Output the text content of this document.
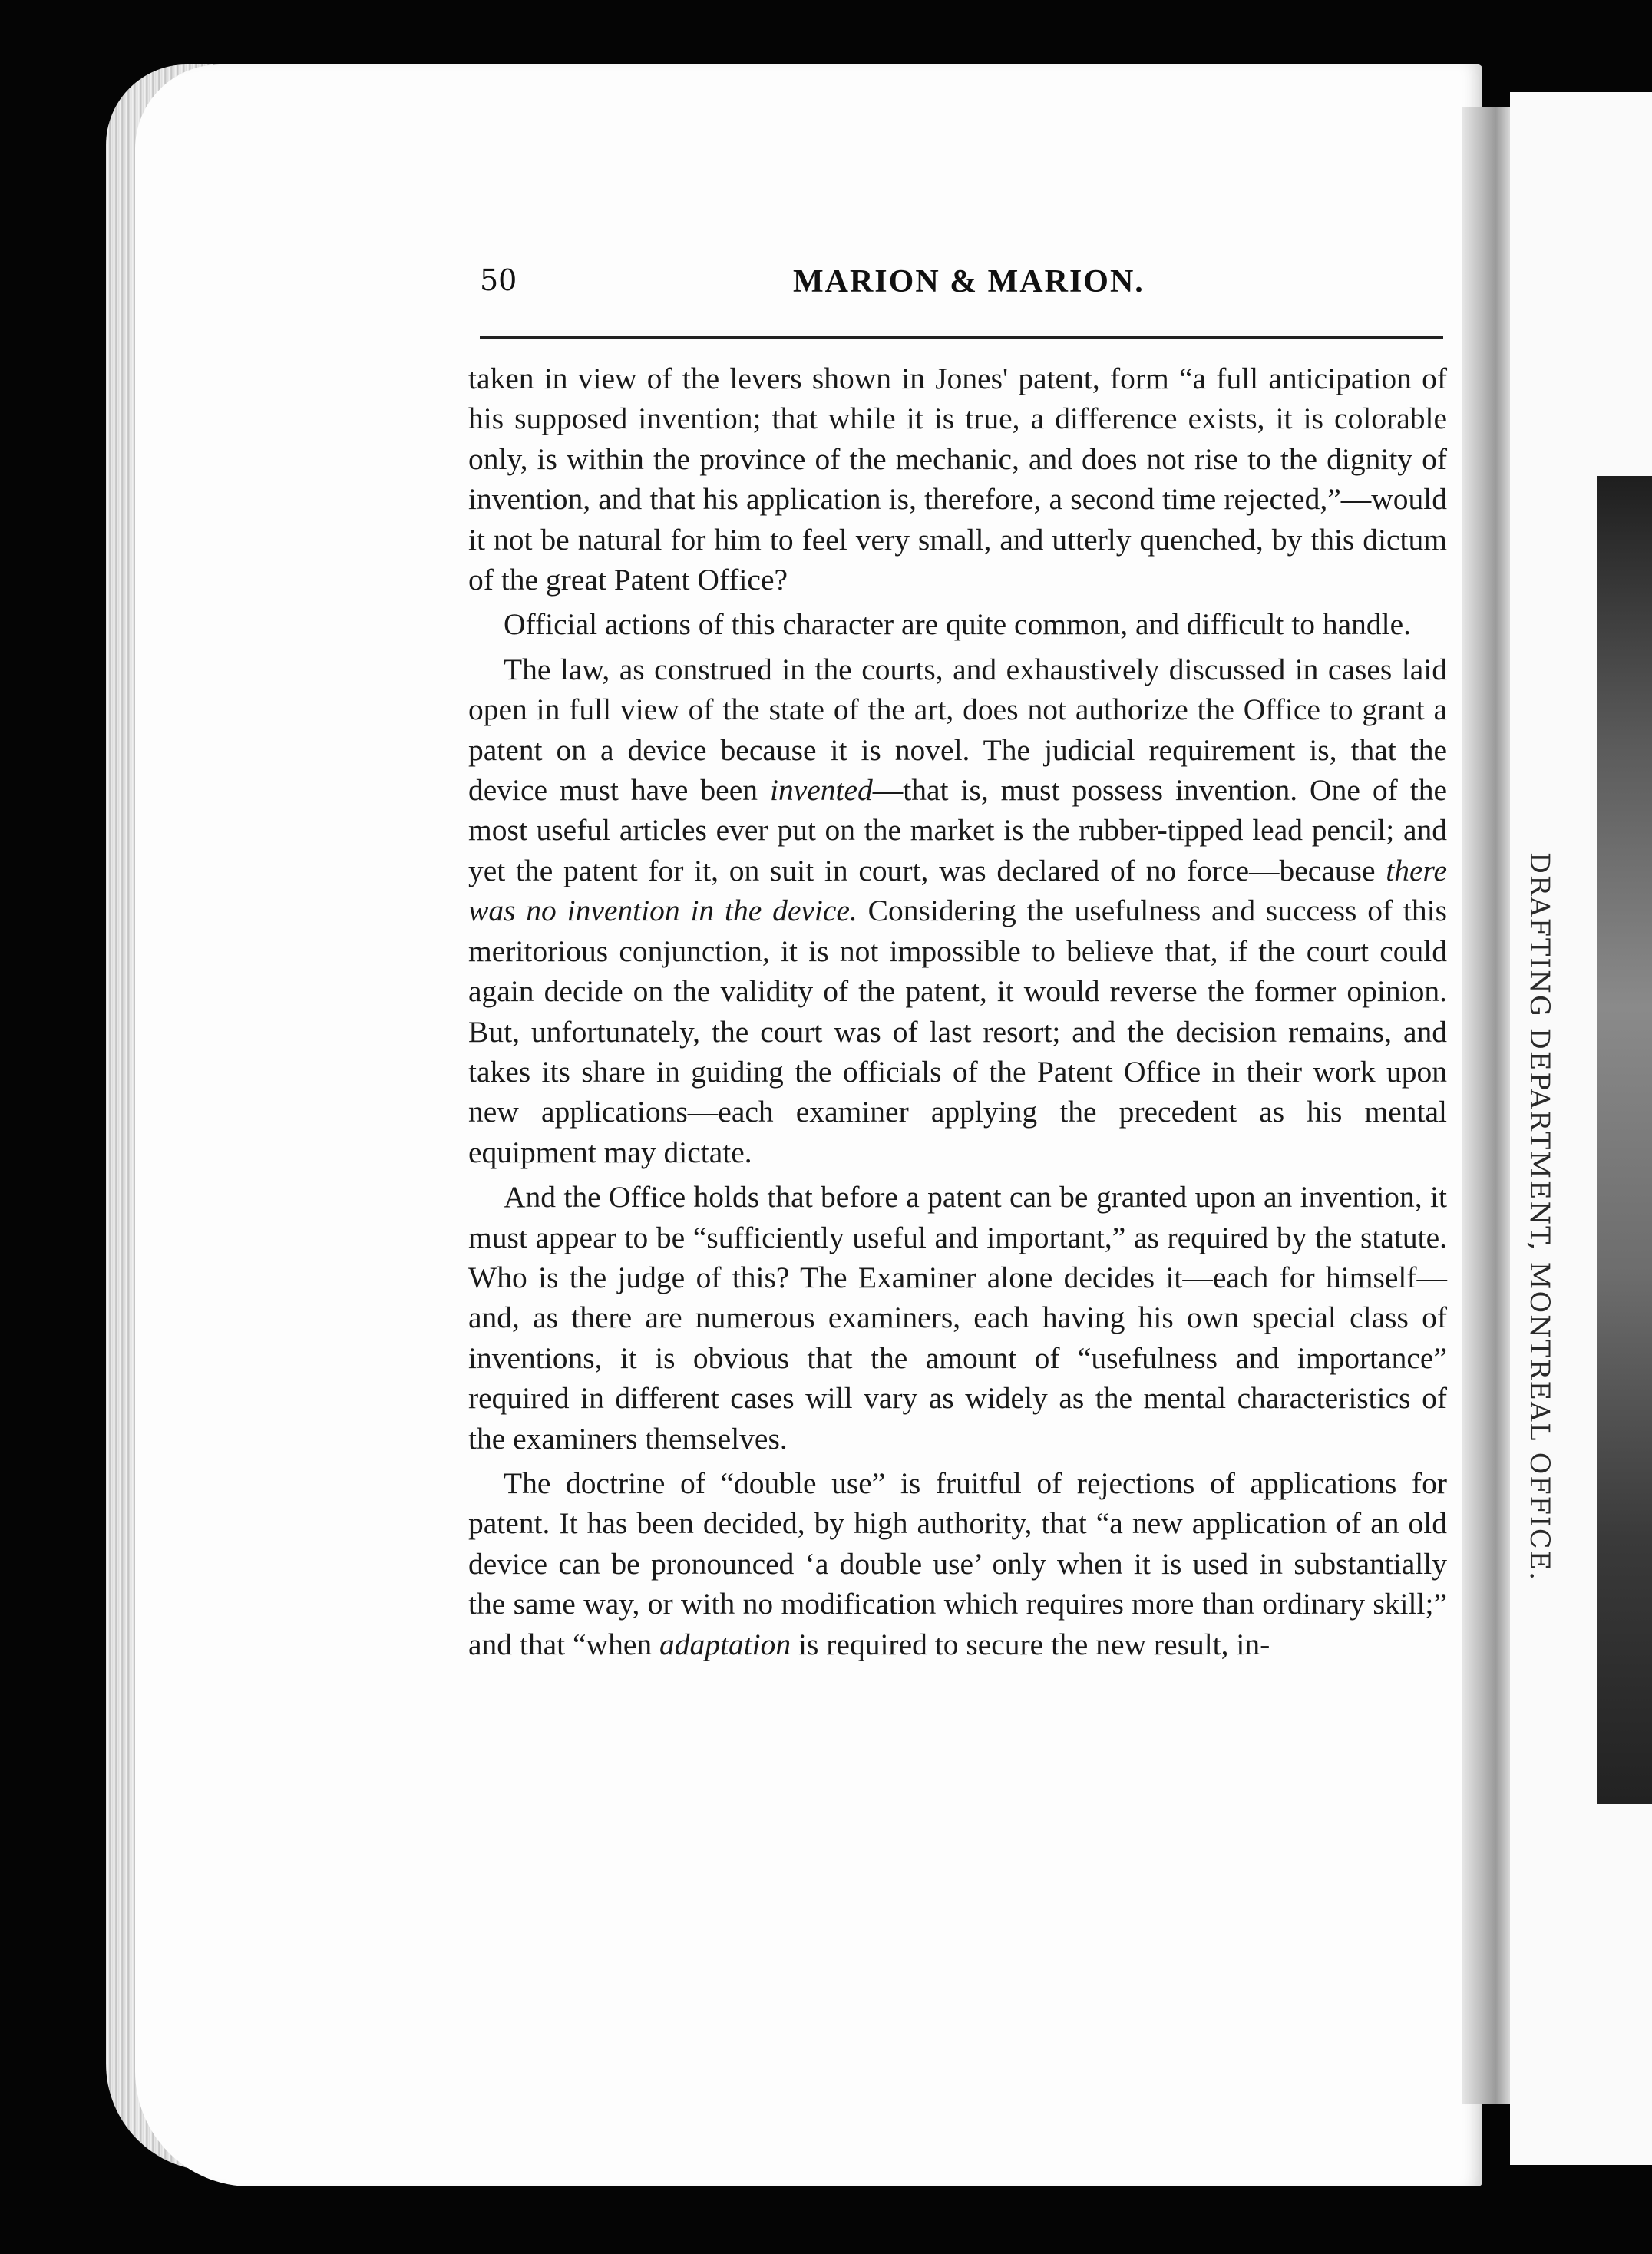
DRAFTING DEPARTMENT, MONTREAL OFFICE.
50	MARION & MARION.

taken in view of the levers shown in Jones' patent, form “a full anticipation of his supposed invention; that while it is true, a difference exists, it is colorable only, is within the province of the mechanic, and does not rise to the dignity of invention, and that his application is, therefore, a second time rejected,”—would it not be natural for him to feel very small, and utterly quenched, by this dictum of the great Patent Office?

Official actions of this character are quite common, and difficult to handle.

The law, as construed in the courts, and exhaustively discussed in cases laid open in full view of the state of the art, does not authorize the Office to grant a patent on a device because it is novel. The judicial requirement is, that the device must have been invented—that is, must possess invention. One of the most useful articles ever put on the market is the rubber-tipped lead pencil; and yet the patent for it, on suit in court, was declared of no force—because there was no invention in the device. Considering the usefulness and success of this meritorious conjunction, it is not impossible to believe that, if the court could again decide on the validity of the patent, it would reverse the former opinion. But, unfortunately, the court was of last resort; and the decision remains, and takes its share in guiding the officials of the Patent Office in their work upon new applications—each examiner applying the precedent as his mental equipment may dictate.

And the Office holds that before a patent can be granted upon an invention, it must appear to be “sufficiently useful and important,” as required by the statute. Who is the judge of this? The Examiner alone decides it—each for himself—and, as there are numerous examiners, each having his own special class of inventions, it is obvious that the amount of “usefulness and importance” required in different cases will vary as widely as the mental characteristics of the examiners themselves.

The doctrine of “double use” is fruitful of rejections of applications for patent. It has been decided, by high authority, that “a new application of an old device can be pronounced ‘a double use’ only when it is used in substantially the same way, or with no modification which requires more than ordinary skill;” and that “when adaptation is required to secure the new result, in-
